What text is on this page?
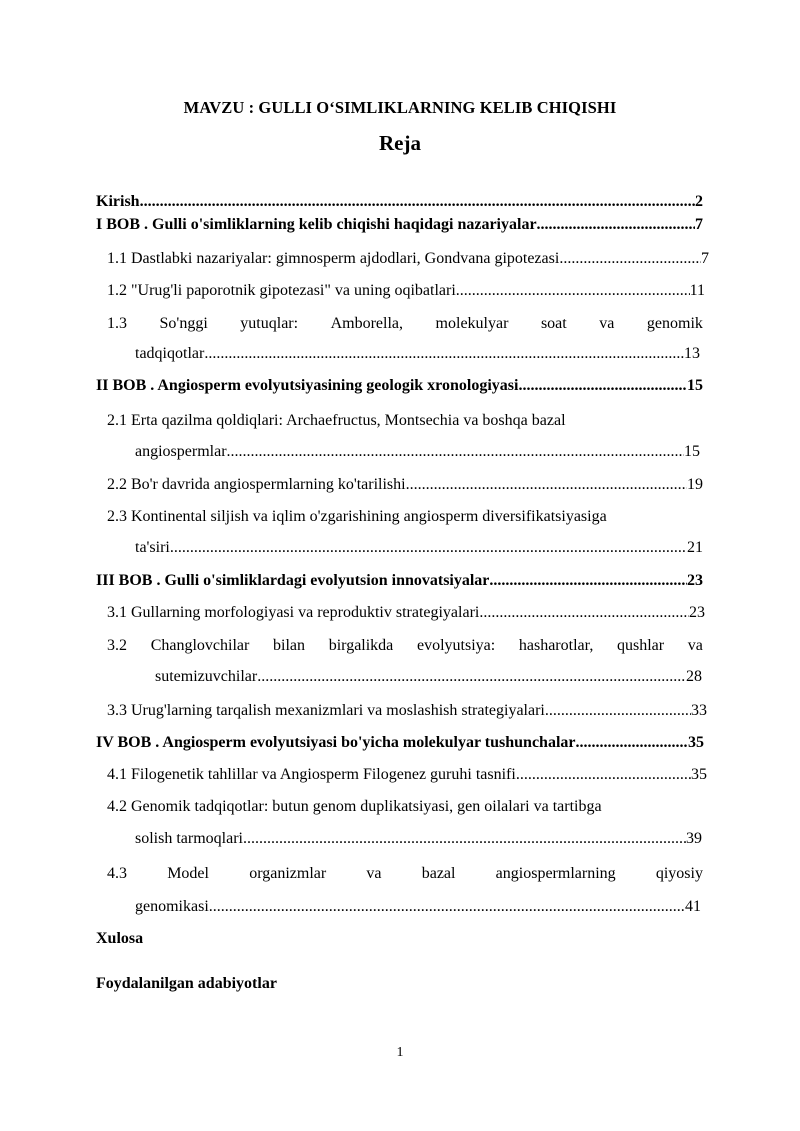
MAVZU : GULLI O‘SIMLIKLARNING KELIB CHIQISHI
Reja
Kirish .....	2
I BOB . Gulli o'simliklarning kelib chiqishi haqidagi nazariyalar .....	7
1.1 Dastlabki nazariyalar: gimnosperm ajdodlari, Gondvana gipotezasi .....	7
1.2 "Urug'li paporotnik gipotezasi" va uning oqibatlari .....	11
1.3 So'nggi yutuqlar: Amborella, molekulyar soat va genomik
tadqiqotlar .....	13
II BOB . Angiosperm evolyutsiyasining geologik xronologiyasi .....	15
2.1 Erta qazilma qoldiqlari: Archaefructus, Montsechia va boshqa bazal
angiospermlar .....	15
2.2 Bo'r davrida angiospermlarning ko'tarilishi .....	19
2.3 Kontinental siljish va iqlim o'zgarishining angiosperm diversifikatsiyasiga
ta'siri .....	21
III BOB . Gulli o'simliklardagi evolyutsion innovatsiyalar .....	23
3.1 Gullarning morfologiyasi va reproduktiv strategiyalari .....	23
3.2 Changlovchilar bilan birgalikda evolyutsiya: hasharotlar, qushlar va
sutemizuvchilar .....	28
3.3 Urug'larning tarqalish mexanizmlari va moslashish strategiyalari .....	33
IV BOB . Angiosperm evolyutsiyasi bo'yicha molekulyar tushunchalar .....	35
4.1 Filogenetik tahlillar va Angiosperm Filogenez guruhi tasnifi .....	35
4.2 Genomik tadqiqotlar: butun genom duplikatsiyasi, gen oilalari va tartibga
solish tarmoqlari .....	39
4.3	Model	organizmlar	va	bazal	angiospermlarning	qiyosiy
genomikasi .....	41
Xulosa
Foydalanilgan adabiyotlar
1
